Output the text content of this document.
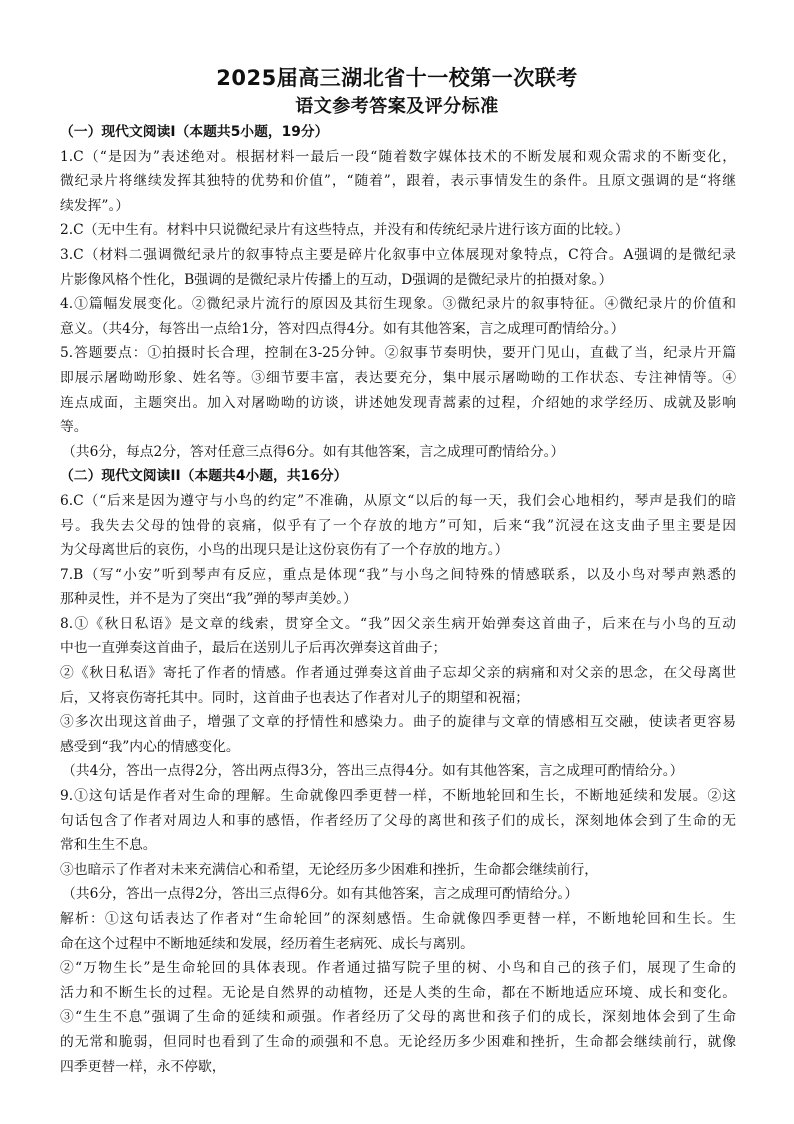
2025届高三湖北省十一校第一次联考
语文参考答案及评分标准
（一）现代文阅读Ⅰ（本题共5小题，19分）
1.C（“是因为”表述绝对。根据材料一最后一段“随着数字媒体技术的不断发展和观众需求的不断变化，
微纪录片将继续发挥其独特的优势和价值”，“随着”，跟着，表示事情发生的条件。且原文强调的是“将继
续发挥”。）
2.C（无中生有。材料中只说微纪录片有这些特点，并没有和传统纪录片进行该方面的比较。）
3.C（材料二强调微纪录片的叙事特点主要是碎片化叙事中立体展现对象特点，C符合。A强调的是微纪录
片影像风格个性化，B强调的是微纪录片传播上的互动，D强调的是微纪录片的拍摄对象。）
4.①篇幅发展变化。②微纪录片流行的原因及其衍生现象。③微纪录片的叙事特征。④微纪录片的价值和
意义。（共4分，每答出一点给1分，答对四点得4分。如有其他答案，言之成理可酌情给分。）
5.答题要点：①拍摄时长合理，控制在3-25分钟。②叙事节奏明快，要开门见山，直截了当，纪录片开篇
即展示屠呦呦形象、姓名等。③细节要丰富，表达要充分，集中展示屠呦呦的工作状态、专注神情等。④
连点成面，主题突出。加入对屠呦呦的访谈，讲述她发现青蒿素的过程，介绍她的求学经历、成就及影响
等。
（共6分，每点2分，答对任意三点得6分。如有其他答案，言之成理可酌情给分。）
（二）现代文阅读II（本题共4小题，共16分）
6.C（“后来是因为遵守与小鸟的约定”不准确，从原文“以后的每一天，我们会心地相约，琴声是我们的暗
号。我失去父母的蚀骨的哀痛，似乎有了一个存放的地方”可知，后来“我”沉浸在这支曲子里主要是因
为父母离世后的哀伤，小鸟的出现只是让这份哀伤有了一个存放的地方。）
7.B（写“小安”听到琴声有反应，重点是体现“我”与小鸟之间特殊的情感联系，以及小鸟对琴声熟悉的
那种灵性，并不是为了突出“我”弹的琴声美妙。）
8.①《秋日私语》是文章的线索，贯穿全文。“我”因父亲生病开始弹奏这首曲子，后来在与小鸟的互动
中也一直弹奏这首曲子，最后在送别儿子后再次弹奏这首曲子；
②《秋日私语》寄托了作者的情感。作者通过弹奏这首曲子忘却父亲的病痛和对父亲的思念，在父母离世
后，又将哀伤寄托其中。同时，这首曲子也表达了作者对儿子的期望和祝福；
③多次出现这首曲子，增强了文章的抒情性和感染力。曲子的旋律与文章的情感相互交融，使读者更容易
感受到“我”内心的情感变化。
（共4分，答出一点得2分，答出两点得3分，答出三点得4分。如有其他答案，言之成理可酌情给分。）
9.①这句话是作者对生命的理解。生命就像四季更替一样，不断地轮回和生长，不断地延续和发展。②这
句话包含了作者对周边人和事的感悟，作者经历了父母的离世和孩子们的成长，深刻地体会到了生命的无
常和生生不息。
③也暗示了作者对未来充满信心和希望，无论经历多少困难和挫折，生命都会继续前行，
（共6分，答出一点得2分，答出三点得6分。如有其他答案，言之成理可酌情给分。）
解析：①这句话表达了作者对“生命轮回”的深刻感悟。生命就像四季更替一样，不断地轮回和生长。生
命在这个过程中不断地延续和发展，经历着生老病死、成长与离别。
②“万物生长”是生命轮回的具体表现。作者通过描写院子里的树、小鸟和自己的孩子们，展现了生命的
活力和不断生长的过程。无论是自然界的动植物，还是人类的生命，都在不断地适应环境、成长和变化。
③“生生不息”强调了生命的延续和顽强。作者经历了父母的离世和孩子们的成长，深刻地体会到了生命
的无常和脆弱，但同时也看到了生命的顽强和不息。无论经历多少困难和挫折，生命都会继续前行，就像
四季更替一样，永不停歇，
